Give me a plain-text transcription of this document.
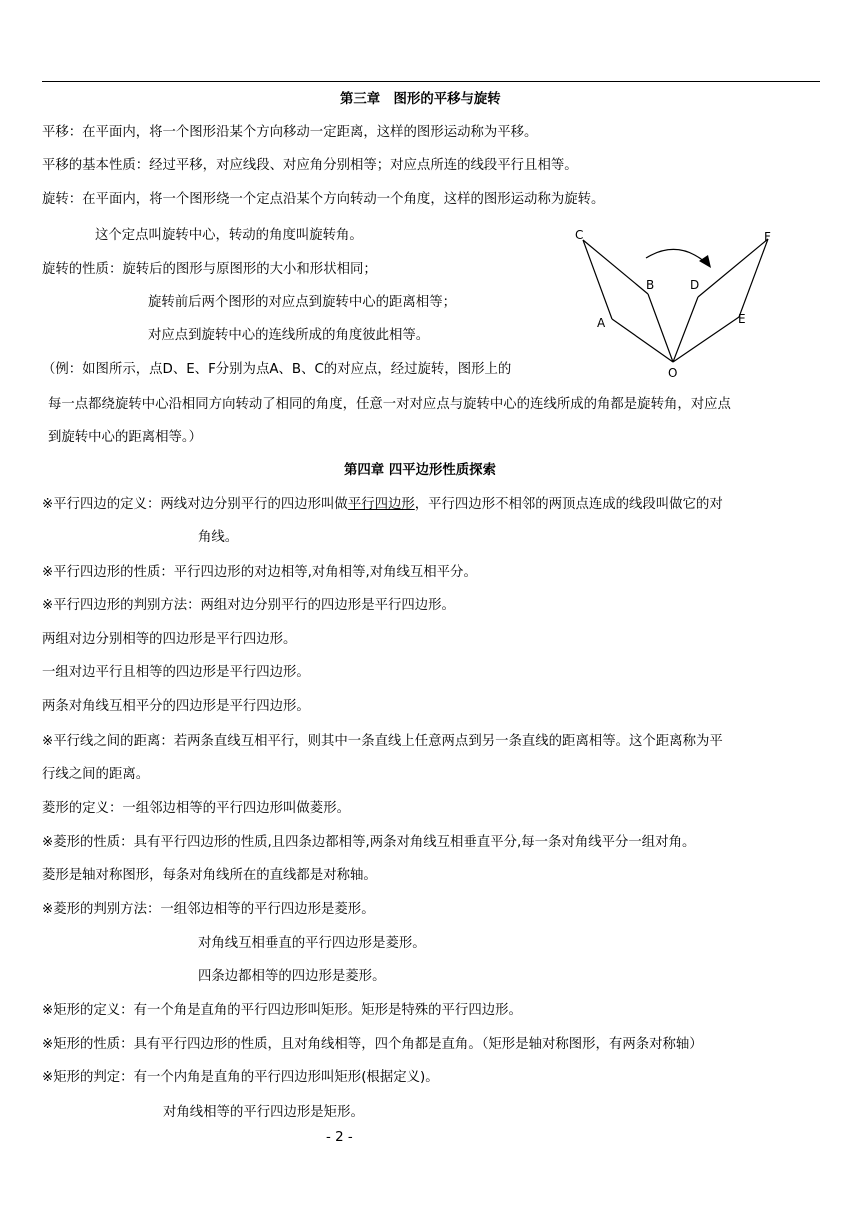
第三章　图形的平移与旋转
平移：在平面内，将一个图形沿某个方向移动一定距离，这样的图形运动称为平移。
平移的基本性质：经过平移，对应线段、对应角分别相等；对应点所连的线段平行且相等。
旋转：在平面内，将一个图形绕一个定点沿某个方向转动一个角度，这样的图形运动称为旋转。
这个定点叫旋转中心，转动的角度叫旋转角。
旋转的性质：旋转后的图形与原图形的大小和形状相同；
旋转前后两个图形的对应点到旋转中心的距离相等；
对应点到旋转中心的连线所成的角度彼此相等。
（例：如图所示，点D、E、F分别为点A、B、C的对应点，经过旋转，图形上的
每一点都绕旋转中心沿相同方向转动了相同的角度，任意一对对应点与旋转中心的连线所成的角都是旋转角，对应点
到旋转中心的距离相等。）
C
B
A
O
D
E
F
第四章 四平边形性质探索
※平行四边的定义：两线对边分别平行的四边形叫做平行四边形，平行四边形不相邻的两顶点连成的线段叫做它的对
角线。
※平行四边形的性质：平行四边形的对边相等,对角相等,对角线互相平分。
※平行四边形的判别方法：两组对边分别平行的四边形是平行四边形。
两组对边分别相等的四边形是平行四边形。
一组对边平行且相等的四边形是平行四边形。
两条对角线互相平分的四边形是平行四边形。
※平行线之间的距离：若两条直线互相平行，则其中一条直线上任意两点到另一条直线的距离相等。这个距离称为平
行线之间的距离。
菱形的定义：一组邻边相等的平行四边形叫做菱形。
※菱形的性质：具有平行四边形的性质,且四条边都相等,两条对角线互相垂直平分,每一条对角线平分一组对角。
菱形是轴对称图形，每条对角线所在的直线都是对称轴。
※菱形的判别方法：一组邻边相等的平行四边形是菱形。
对角线互相垂直的平行四边形是菱形。
四条边都相等的四边形是菱形。
※矩形的定义：有一个角是直角的平行四边形叫矩形。矩形是特殊的平行四边形。
※矩形的性质：具有平行四边形的性质，且对角线相等，四个角都是直角。（矩形是轴对称图形，有两条对称轴）
※矩形的判定：有一个内角是直角的平行四边形叫矩形(根据定义)。
对角线相等的平行四边形是矩形。
- 2 -
